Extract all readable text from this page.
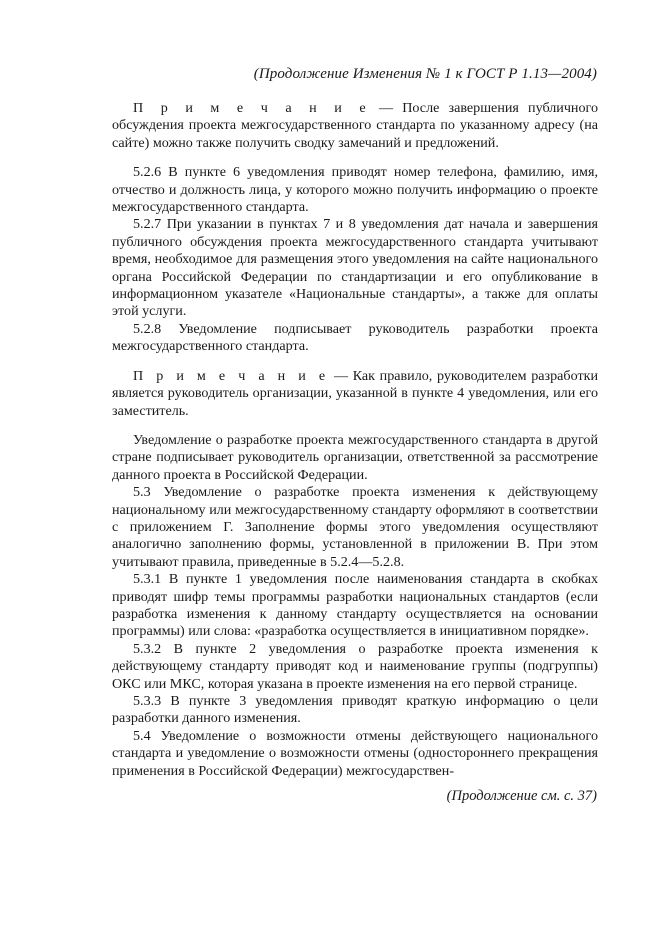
(Продолжение Изменения № 1 к ГОСТ Р 1.13—2004)

П р и м е ч а н и е — После завершения публичного обсуждения проекта межгосударственного стандарта по указанному адресу (на сайте) можно также получить сводку замечаний и предложений.

5.2.6 В пункте 6 уведомления приводят номер телефона, фамилию, имя, отчество и должность лица, у которого можно получить информацию о проекте межгосударственного стандарта.

5.2.7 При указании в пунктах 7 и 8 уведомления дат начала и завершения публичного обсуждения проекта межгосударственного стандарта учитывают время, необходимое для размещения этого уведомления на сайте национального органа Российской Федерации по стандартизации и его опубликование в информационном указателе «Национальные стандарты», а также для оплаты этой услуги.

5.2.8 Уведомление подписывает руководитель разработки проекта межгосударственного стандарта.

П р и м е ч а н и е — Как правило, руководителем разработки является руководитель организации, указанной в пункте 4 уведомления, или его заместитель.

Уведомление о разработке проекта межгосударственного стандарта в другой стране подписывает руководитель организации, ответственной за рассмотрение данного проекта в Российской Федерации.

5.3 Уведомление о разработке проекта изменения к действующему национальному или межгосударственному стандарту оформляют в соответствии с приложением Г. Заполнение формы этого уведомления осуществляют аналогично заполнению формы, установленной в приложении В. При этом учитывают правила, приведенные в 5.2.4—5.2.8.

5.3.1 В пункте 1 уведомления после наименования стандарта в скобках приводят шифр темы программы разработки национальных стандартов (если разработка изменения к данному стандарту осуществляется на основании программы) или слова: «разработка осуществляется в инициативном порядке».

5.3.2 В пункте 2 уведомления о разработке проекта изменения к действующему стандарту приводят код и наименование группы (подгруппы) ОКС или МКС, которая указана в проекте изменения на его первой странице.

5.3.3 В пункте 3 уведомления приводят краткую информацию о цели разработки данного изменения.

5.4 Уведомление о возможности отмены действующего национального стандарта и уведомление о возможности отмены (одностороннего прекращения применения в Российской Федерации) межгосударствен-

(Продолжение см. с. 37)
